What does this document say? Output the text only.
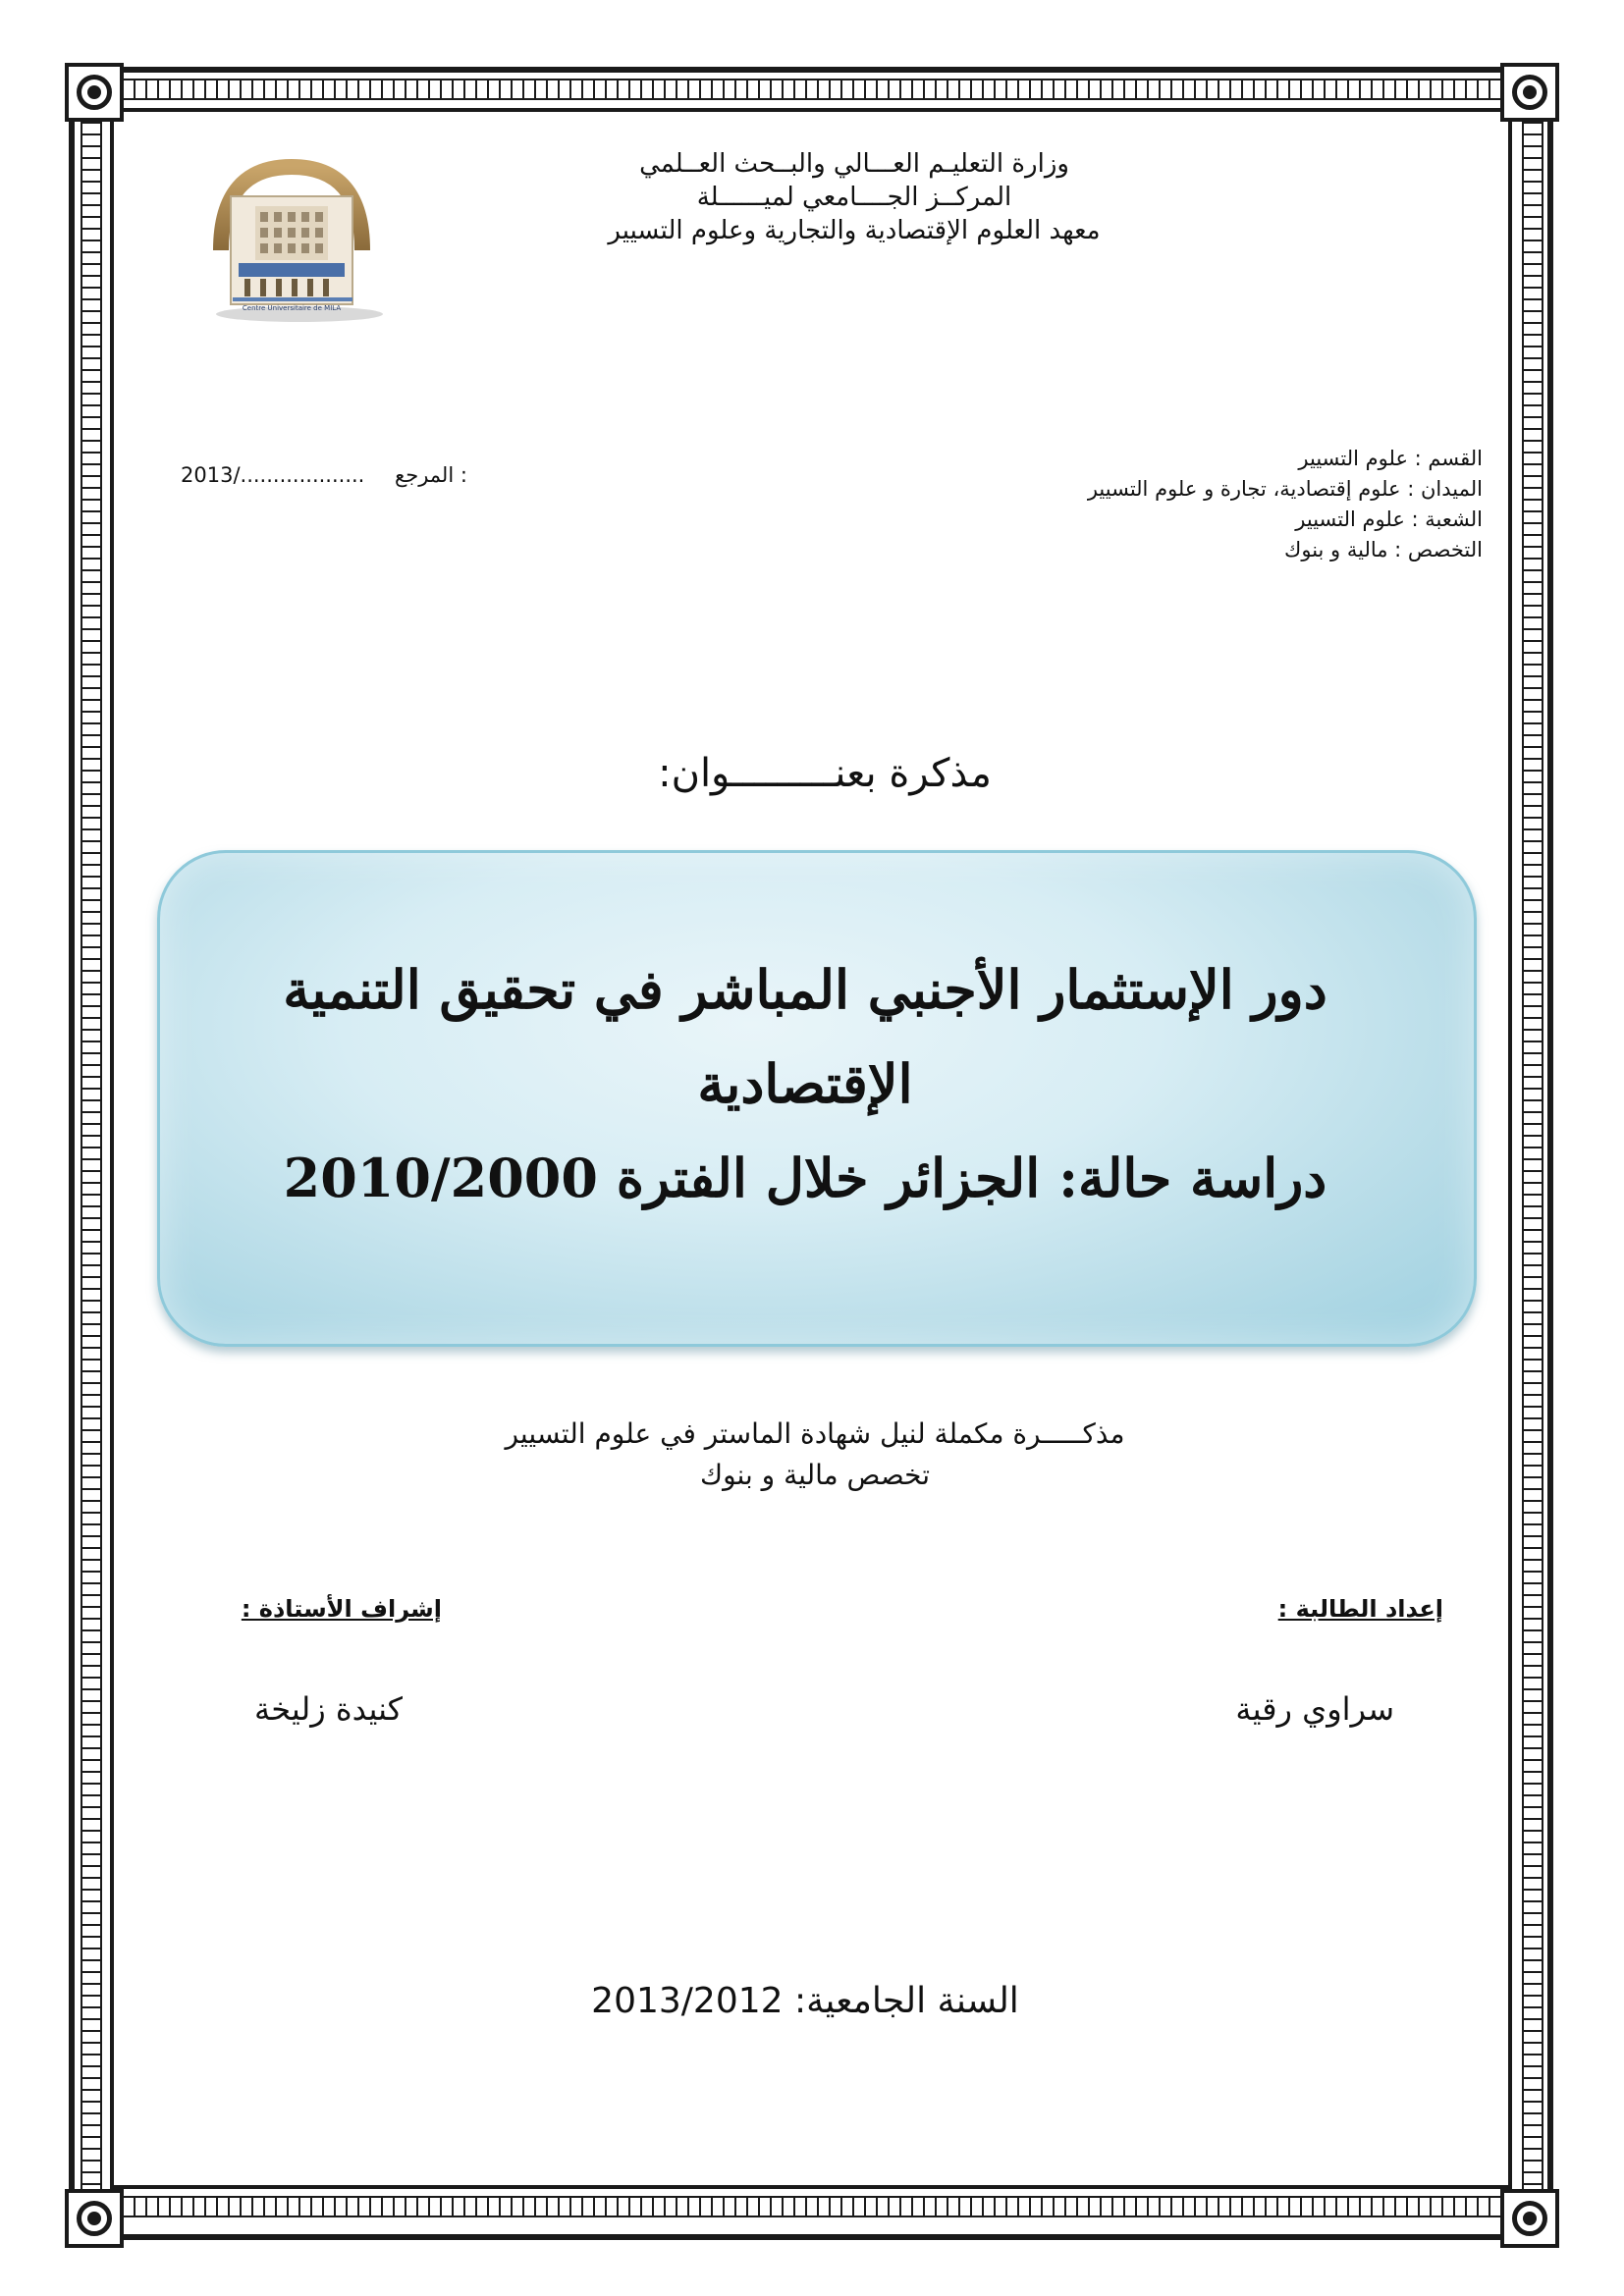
وزارة التعليـم العـــالي والبــحث العــلمي
المركــز الجــــامعي لميــــــلة
معهد العلوم الإقتصادية والتجارية وعلوم التسيير
Centre Universitaire de MILA
القسم : علوم التسيير
الميدان : علوم إقتصادية، تجارة و علوم التسيير
الشعبة : علوم التسيير
التخصص : مالية و بنوك
2013/................... المرجع :
مذكرة بعنـــــــــوان:
دور الإستثمار الأجنبي المباشر في تحقيق التنمية
الإقتصادية
دراسة حالة: الجزائر خلال الفترة 2010/2000
مذكـــــرة مكملة لنيل شهادة الماستر في علوم التسيير
تخصص مالية و بنوك
إعداد الطالبة :
إشراف الأستاذة :
سراوي رقية
كنيدة زليخة
السنة الجامعية: 2013/2012
